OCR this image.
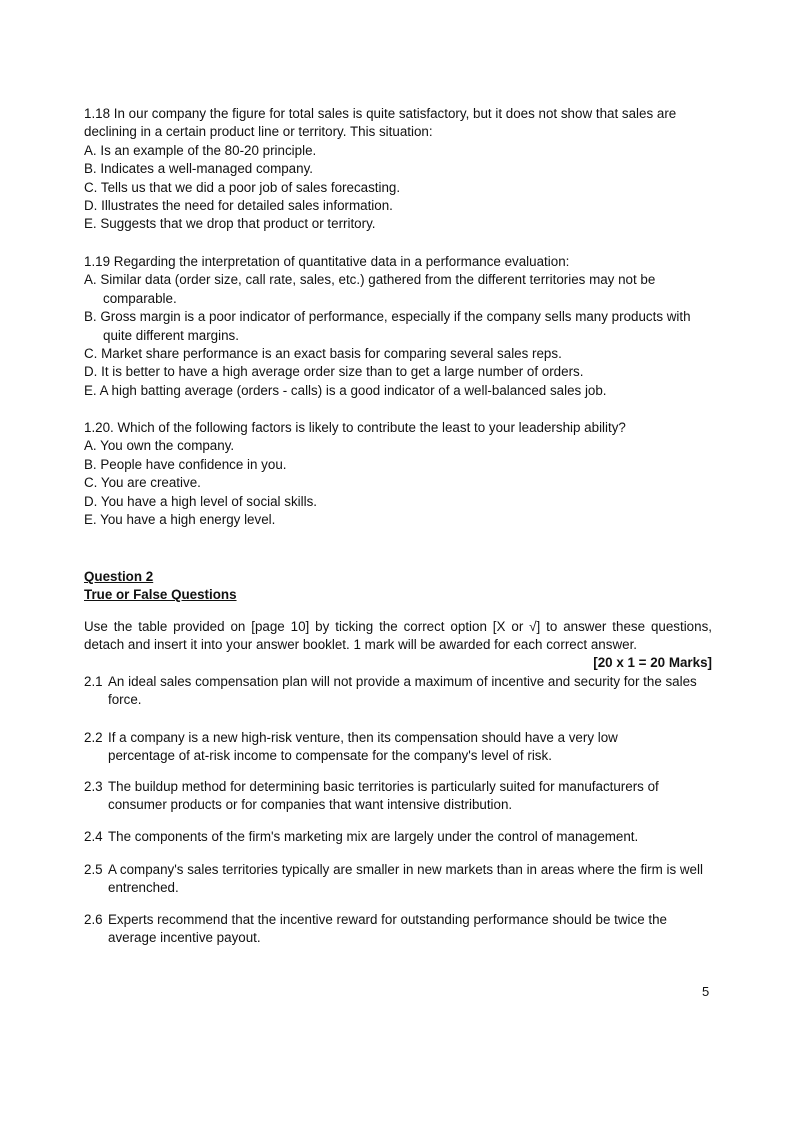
1.18 In our company the figure for total sales is quite satisfactory, but it does not show that sales are declining in a certain product line or territory. This situation:
A. Is an example of the 80-20 principle.
B. Indicates a well-managed company.
C. Tells us that we did a poor job of sales forecasting.
D. Illustrates the need for detailed sales information.
E. Suggests that we drop that product or territory.
1.19 Regarding the interpretation of quantitative data in a performance evaluation:
A. Similar data (order size, call rate, sales, etc.) gathered from the different territories may not be comparable.
B. Gross margin is a poor indicator of performance, especially if the company sells many products with quite different margins.
C. Market share performance is an exact basis for comparing several sales reps.
D. It is better to have a high average order size than to get a large number of orders.
E. A high batting average (orders - calls) is a good indicator of a well-balanced sales job.
1.20. Which of the following factors is likely to contribute the least to your leadership ability?
A. You own the company.
B. People have confidence in you.
C. You are creative.
D. You have a high level of social skills.
E. You have a high energy level.
Question 2
True or False Questions
Use the table provided on [page 10] by ticking the correct option [X or √] to answer these questions, detach and insert it into your answer booklet. 1 mark will be awarded for each correct answer.
[20 x 1 = 20 Marks]
2.1 An ideal sales compensation plan will not provide a maximum of incentive and security for the sales force.
2.2 If a company is a new high-risk venture, then its compensation should have a very low percentage of at-risk income to compensate for the company's level of risk.
2.3 The buildup method for determining basic territories is particularly suited for manufacturers of consumer products or for companies that want intensive distribution.
2.4 The components of the firm's marketing mix are largely under the control of management.
2.5 A company's sales territories typically are smaller in new markets than in areas where the firm is well entrenched.
2.6 Experts recommend that the incentive reward for outstanding performance should be twice the average incentive payout.
5
